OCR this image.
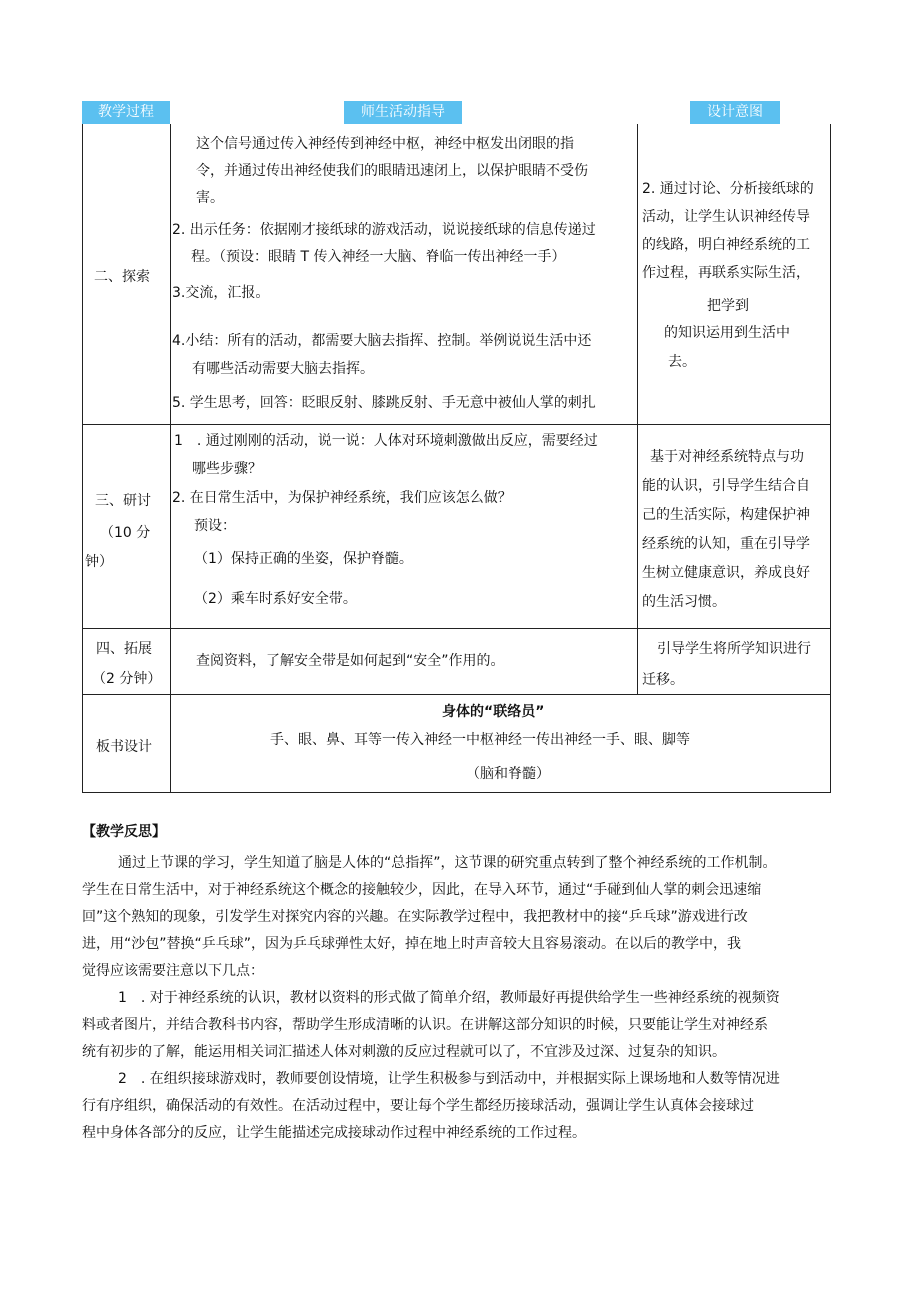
教学过程	师生活动指导	设计意图
二、探索
这个信号通过传入神经传到神经中枢，神经中枢发出闭眼的指
令，并通过传出神经使我们的眼睛迅速闭上，以保护眼睛不受伤
害。
2. 出示任务：依据刚才接纸球的游戏活动，说说接纸球的信息传递过
程。（预设：眼睛 T 传入神经一大脑、脊临一传出神经一手）
3.交流，汇报。
4.小结：所有的活动，都需要大脑去指挥、控制。举例说说生活中还
有哪些活动需要大脑去指挥。
5. 学生思考，回答：眨眼反射、膝跳反射、手无意中被仙人掌的刺扎
2. 通过讨论、分析接纸球的
活动，让学生认识神经传导
的线路，明白神经系统的工
作过程，再联系实际生活，
把学到
的知识运用到生活中
去。
三、研讨
（10 分
钟）
1　. 通过刚刚的活动，说一说：人体对环境刺激做出反应，需要经过
哪些步骤？
2. 在日常生活中，为保护神经系统，我们应该怎么做？
预设：
（1）保持正确的坐姿，保护脊髓。
（2）乘车时系好安全带。
基于对神经系统特点与功
能的认识，引导学生结合自
己的生活实际，构建保护神
经系统的认知，重在引导学
生树立健康意识，养成良好
的生活习惯。
四、拓展
（2 分钟）
查阅资料，了解安全带是如何起到“安全”作用的。
引导学生将所学知识进行
迁移。
板书设计
身体的“联络员”
手、眼、鼻、耳等一传入神经一中枢神经一传出神经一手、眼、脚等
（脑和脊髓）
【教学反思】

通过上节课的学习，学生知道了脑是人体的“总指挥”，这节课的研究重点转到了整个神经系统的工作机制。

学生在日常生活中，对于神经系统这个概念的接触较少，因此，在导入环节，通过“手碰到仙人掌的刺会迅速缩

回”这个熟知的现象，引发学生对探究内容的兴趣。在实际教学过程中，我把教材中的接“乒乓球”游戏进行改

进，用“沙包”替换“乒乓球”，因为乒乓球弹性太好，掉在地上时声音较大且容易滚动。在以后的教学中，我

觉得应该需要注意以下几点：

1　. 对于神经系统的认识，教材以资料的形式做了简单介绍，教师最好再提供给学生一些神经系统的视频资

料或者图片，并结合教科书内容，帮助学生形成清晰的认识。在讲解这部分知识的时候，只要能让学生对神经系

统有初步的了解，能运用相关词汇描述人体对刺激的反应过程就可以了，不宜涉及过深、过复杂的知识。

2　. 在组织接球游戏时，教师要创设情境，让学生积极参与到活动中，并根据实际上课场地和人数等情况进

行有序组织，确保活动的有效性。在活动过程中，要让每个学生都经历接球活动，强调让学生认真体会接球过

程中身体各部分的反应，让学生能描述完成接球动作过程中神经系统的工作过程。
